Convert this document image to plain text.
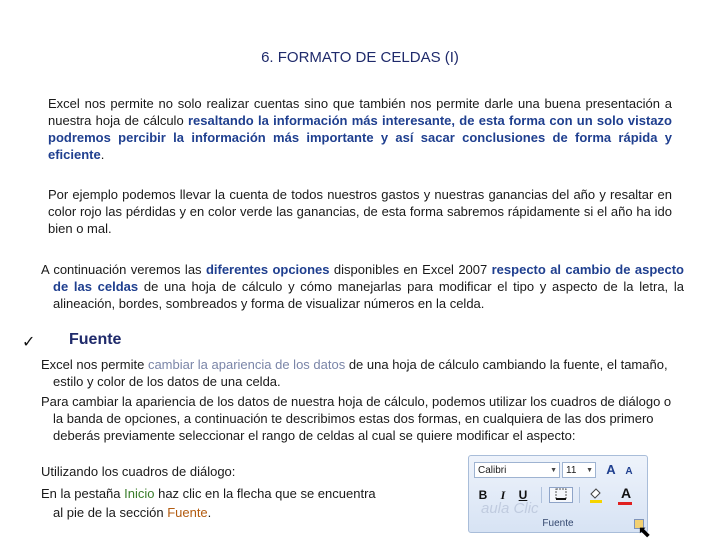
6. FORMATO DE CELDAS (I)

Excel nos permite no solo realizar cuentas sino que también nos permite darle una buena presentación a nuestra hoja de cálculo resaltando la información más interesante, de esta forma con un solo vistazo podremos percibir la información más importante y así sacar conclusiones de forma rápida y eficiente.

Por ejemplo podemos llevar la cuenta de todos nuestros gastos y nuestras ganancias del año y resaltar en color rojo las pérdidas y en color verde las ganancias, de esta forma sabremos rápidamente si el año ha ido bien o mal.

A continuación veremos las diferentes opciones disponibles en Excel 2007 respecto al cambio de aspecto de las celdas de una hoja de cálculo y cómo manejarlas para modificar el tipo y aspecto de la letra, la alineación, bordes, sombreados y forma de visualizar números en la celda.

✓ Fuente

Excel nos permite cambiar la apariencia de los datos de una hoja de cálculo cambiando la fuente, el tamaño, estilo y color de los datos de una celda.

Para cambiar la apariencia de los datos de nuestra hoja de cálculo, podemos utilizar los cuadros de diálogo o la banda de opciones, a continuación te describimos estas dos formas, en cualquiera de las dos primero deberás previamente seleccionar el rango de celdas al cual se quiere modificar el aspecto:

Utilizando los cuadros de diálogo:

En la pestaña Inicio haz clic en la flecha que se encuentra

al pie de la sección Fuente.

Calibri	▼ 11 ▼ A A
B	I	U	A
aula Clic
Fuente
⬉
